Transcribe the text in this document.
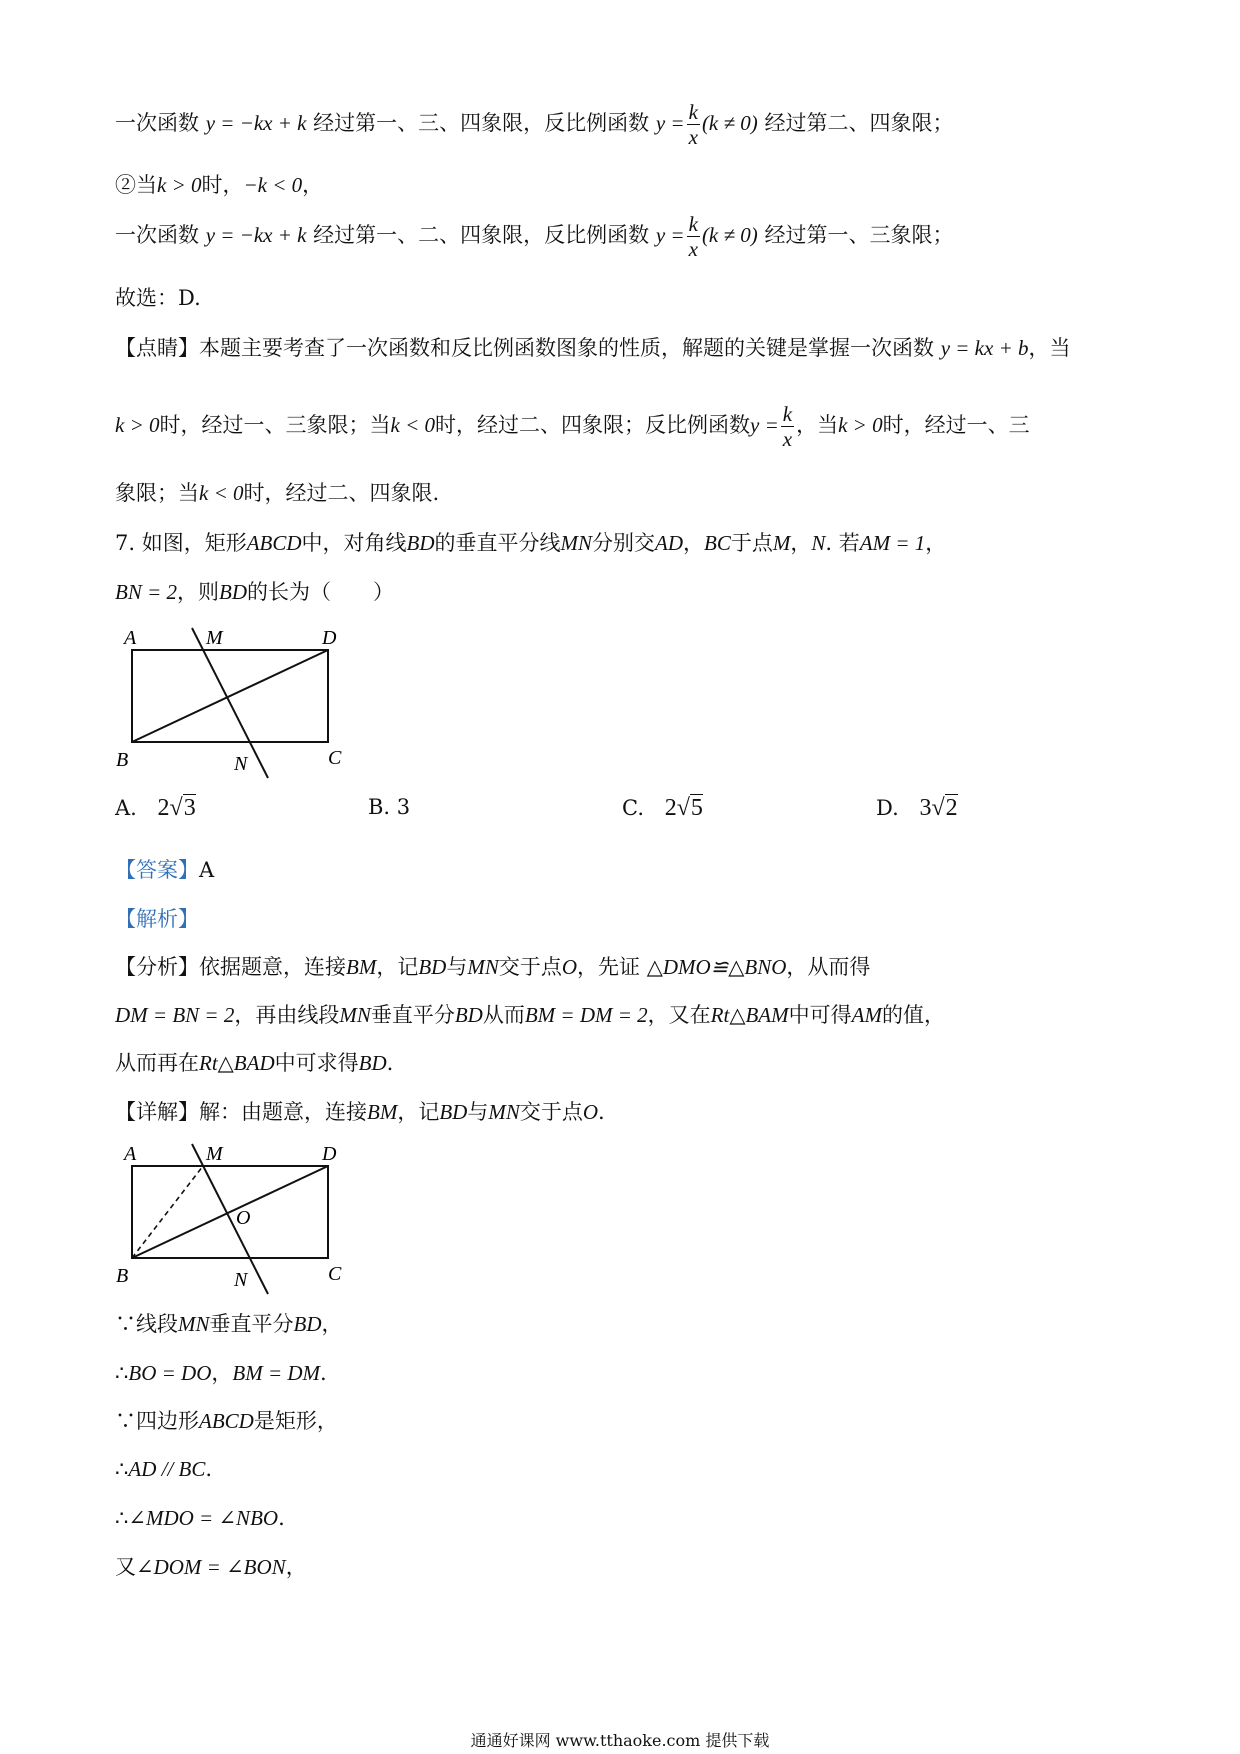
一次函数 y = −kx + k 经过第一、三、四象限，反比例函数 $y = \frac{k}{x} (k \ne 0)$ 经过第二、四象限；
②当k > 0时，−k < 0，
一次函数 y = −kx + k 经过第一、二、四象限，反比例函数 $y = \frac{k}{x} (k \ne 0)$ 经过第一、三象限；
故选：D.
【点睛】本题主要考查了一次函数和反比例函数图象的性质，解题的关键是掌握一次函数 y = kx + b，当
k > 0时，经过一、三象限；当k < 0时，经过二、四象限；反比例函数$y = \frac{k}{x}$ ，当k > 0时，经过一、三
象限；当k < 0时，经过二、四象限.
7. 如图，矩形ABCD中，对角线BD的垂直平分线MN分别交AD，BC于点M，N. 若AM = 1，
BN = 2，则BD的长为（　　）
A	M	D
B	N	C
A. 2√3	B. 3	C. 2√5	D. 3√2
【答案】A
【解析】
【分析】依据题意，连接BM，记BD与MN交于点O，先证 △DMO≌△BNO，从而得
DM = BN = 2，再由线段MN垂直平分BD从而BM = DM = 2，又在Rt△BAM中可得AM的值，
从而再在Rt△BAD中可求得BD.
【详解】解：由题意，连接BM，记BD与MN交于点O.
A	M	D
O
B	N	C
∵线段MN垂直平分BD，
∴BO = DO，BM = DM.
∵四边形ABCD是矩形，
∴AD // BC.
∴∠MDO = ∠NBO.
又∠DOM = ∠BON，
通通好课网 www.tthaoke.com 提供下载
